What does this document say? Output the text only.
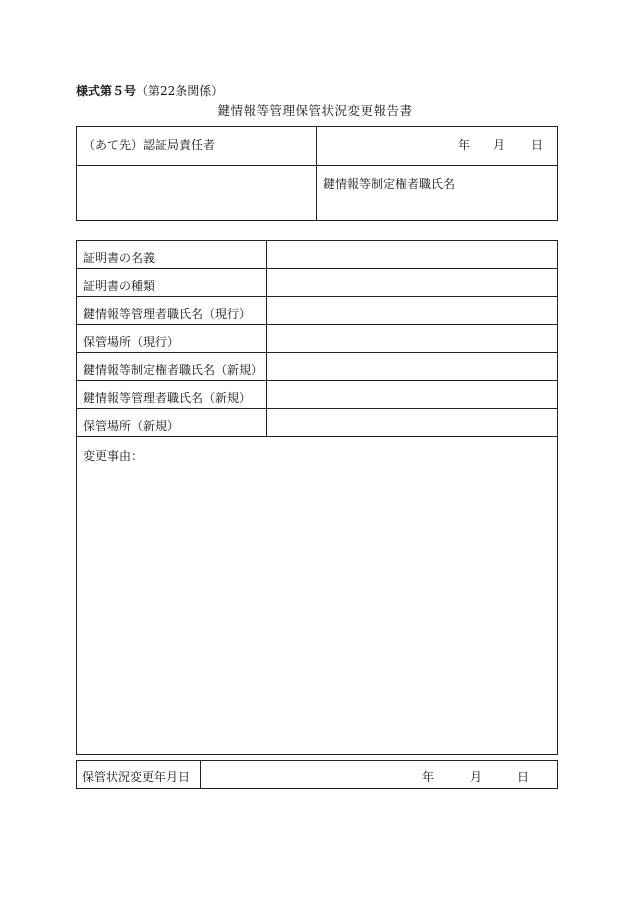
様式第５号（第22条関係）
鍵情報等管理保管状況変更報告書
（あて先）認証局責任者	年 月 日

	鍵情報等制定権者職氏名
証明書の名義	
証明書の種類	
鍵情報等管理者職氏名（現行）	
保管場所（現行）	
鍵情報等制定権者職氏名（新規）	
鍵情報等管理者職氏名（新規）	
保管場所（新規）	
変更事由：	
保管状況変更年月日	年	月	日
